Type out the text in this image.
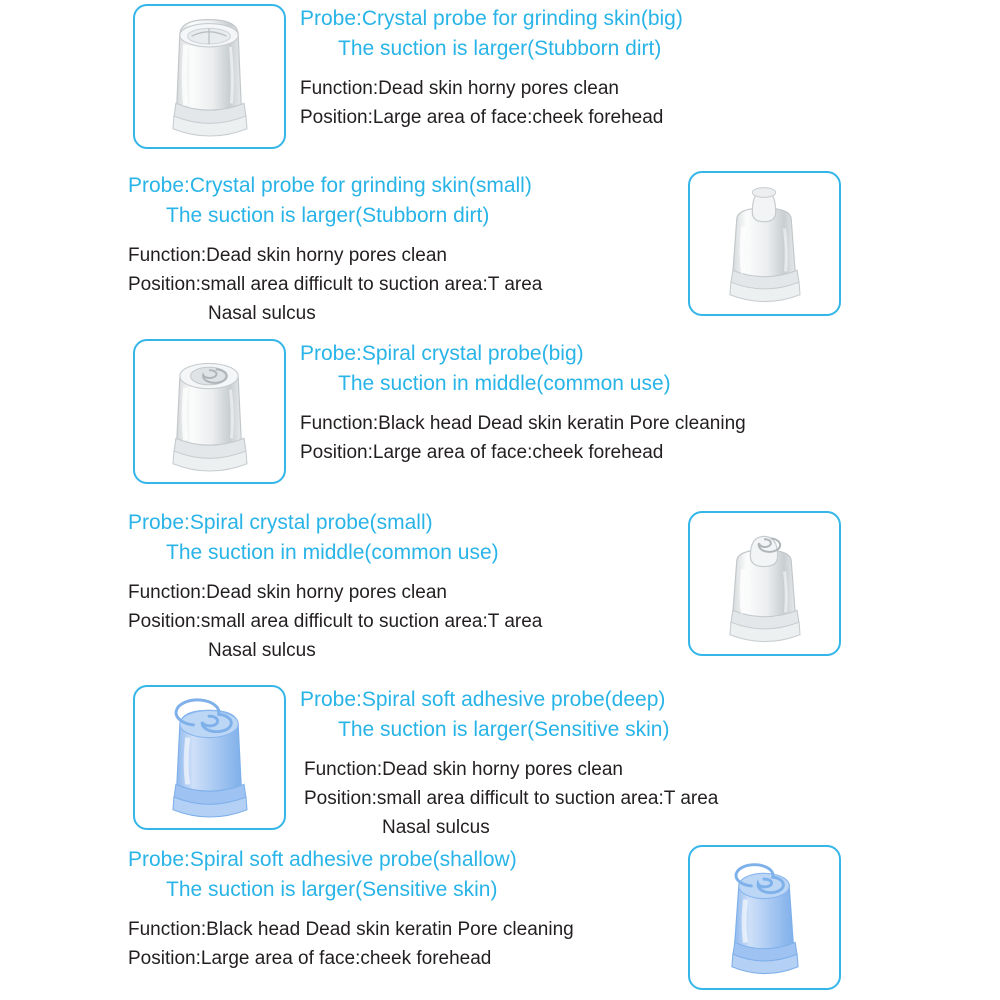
Probe:Crystal probe for grinding skin(big)
The suction is larger(Stubborn dirt)
Function:Dead skin horny pores clean
Position:Large area of face:cheek forehead
Probe:Crystal probe for grinding skin(small)
The suction is larger(Stubborn dirt)
Function:Dead skin horny pores clean
Position:small area difficult to suction area:T area
Nasal sulcus
Probe:Spiral crystal probe(big)
The suction in middle(common use)
Function:Black head Dead skin keratin Pore cleaning
Position:Large area of face:cheek forehead
Probe:Spiral crystal probe(small)
The suction in middle(common use)
Function:Dead skin horny pores clean
Position:small area difficult to suction area:T area
Nasal sulcus
Probe:Spiral soft adhesive probe(deep)
The suction is larger(Sensitive skin)
Function:Dead skin horny pores clean
Position:small area difficult to suction area:T area
Nasal sulcus
Probe:Spiral soft adhesive probe(shallow)
The suction is larger(Sensitive skin)
Function:Black head Dead skin keratin Pore cleaning
Position:Large area of face:cheek forehead
